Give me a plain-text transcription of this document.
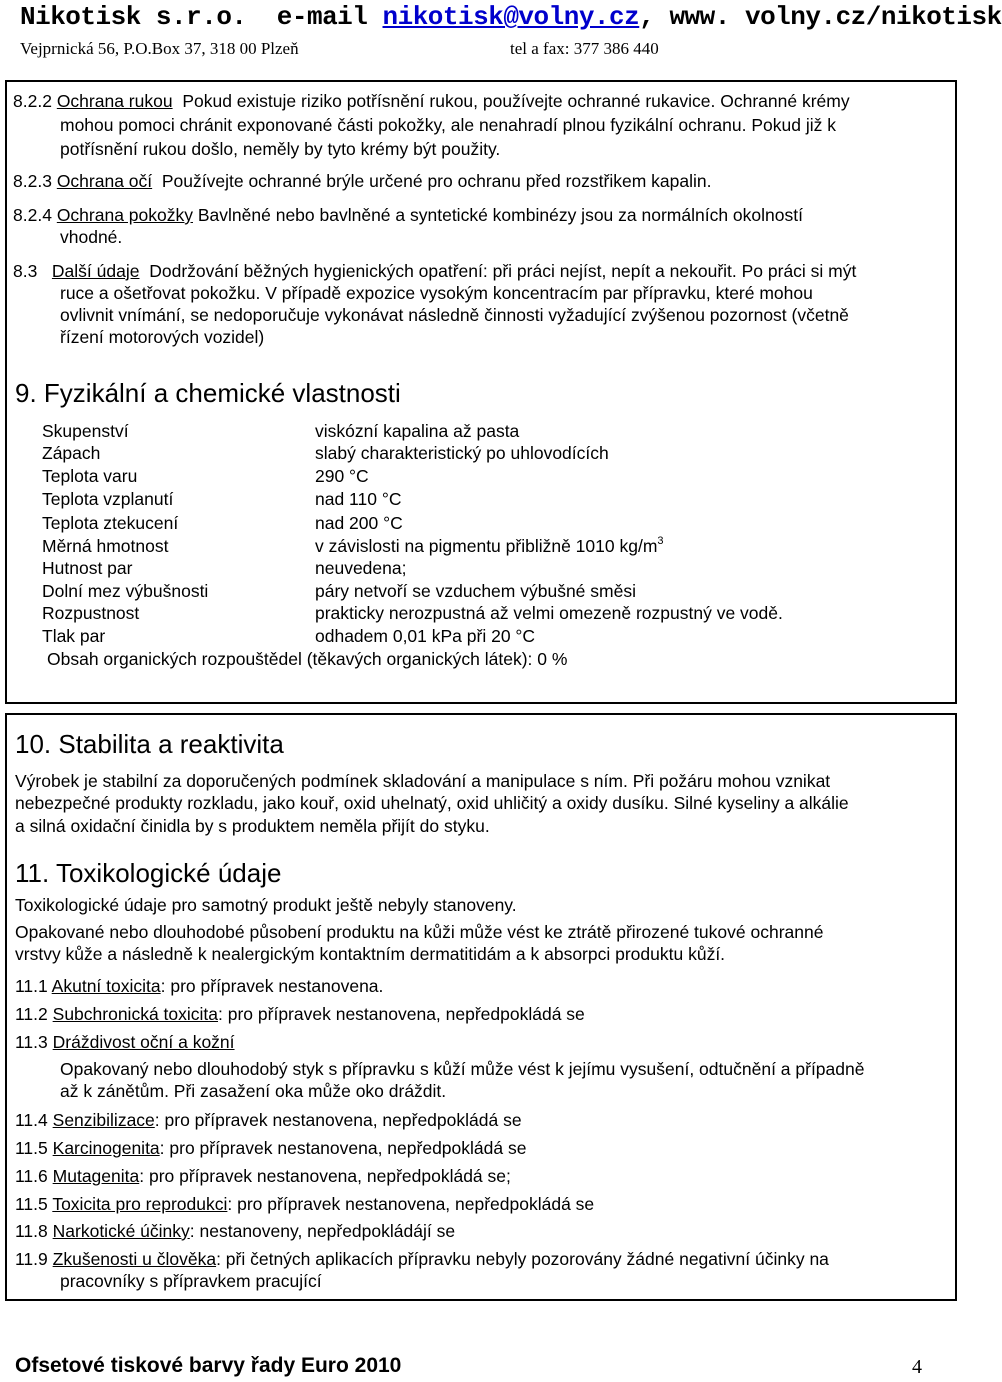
Nikotisk s.r.o. e-mail nikotisk@volny.cz, www. volny.cz/nikotisk
Vejprnická 56, P.O.Box 37, 318 00 Plzeň	tel a fax: 377 386 440
8.2.2 Ochrana rukou Pokud existuje riziko potřísnění rukou, používejte ochranné rukavice. Ochranné krémy
mohou pomoci chránit exponované části pokožky, ale nenahradí plnou fyzikální ochranu. Pokud již k
potřísnění rukou došlo, neměly by tyto krémy být použity.
8.2.3 Ochrana očí Používejte ochranné brýle určené pro ochranu před rozstřikem kapalin.
8.2.4 Ochrana pokožky Bavlněné nebo bavlněné a syntetické kombinézy jsou za normálních okolností
vhodné.
8.3 Další údaje Dodržování běžných hygienických opatření: při práci nejíst, nepít a nekouřit. Po práci si mýt
ruce a ošetřovat pokožku. V případě expozice vysokým koncentracím par přípravku, které mohou
ovlivnit vnímání, se nedoporučuje vykonávat následně činnosti vyžadující zvýšenou pozornost (včetně
řízení motorových vozidel)
9. Fyzikální a chemické vlastnosti
Skupenství	viskózní kapalina až pasta
Zápach	slabý charakteristický po uhlovodících
Teplota varu	290 °C
Teplota vzplanutí	nad 110 °C
Teplota ztekucení	nad 200 °C
Měrná hmotnost	v závislosti na pigmentu přibližně 1010 $kg/m^3$
Hutnost par	neuvedena;
Dolní mez výbušnosti	páry netvoří se vzduchem výbušné směsi
Rozpustnost	prakticky nerozpustná až velmi omezeně rozpustný ve vodě.
Tlak par	odhadem 0,01 kPa při 20 °C
Obsah organických rozpouštědel (těkavých organických látek): 0 %
10. Stabilita a reaktivita
Výrobek je stabilní za doporučených podmínek skladování a manipulace s ním. Při požáru mohou vznikat
nebezpečné produkty rozkladu, jako kouř, oxid uhelnatý, oxid uhličitý a oxidy dusíku. Silné kyseliny a alkálie
a silná oxidační činidla by s produktem neměla přijít do styku.
11. Toxikologické údaje
Toxikologické údaje pro samotný produkt ještě nebyly stanoveny.
Opakované nebo dlouhodobé působení produktu na kůži může vést ke ztrátě přirozené tukové ochranné
vrstvy kůže a následně k nealergickým kontaktním dermatitidám a k absorpci produktu kůží.
11.1 Akutní toxicita: pro přípravek nestanovena.
11.2 Subchronická toxicita: pro přípravek nestanovena, nepředpokládá se
11.3 Dráždivost oční a kožní
Opakovaný nebo dlouhodobý styk s přípravku s kůží může vést k jejímu vysušení, odtučnění a případně
až k zánětům. Při zasažení oka může oko dráždit.
11.4 Senzibilizace: pro přípravek nestanovena, nepředpokládá se
11.5 Karcinogenita: pro přípravek nestanovena, nepředpokládá se
11.6 Mutagenita: pro přípravek nestanovena, nepředpokládá se;
11.5 Toxicita pro reprodukci: pro přípravek nestanovena, nepředpokládá se
11.8 Narkotické účinky: nestanoveny, nepředpokládájí se
11.9 Zkušenosti u člověka: při četných aplikacích přípravku nebyly pozorovány žádné negativní účinky na
pracovníky s přípravkem pracující
Ofsetové tiskové barvy řady Euro 2010	4
